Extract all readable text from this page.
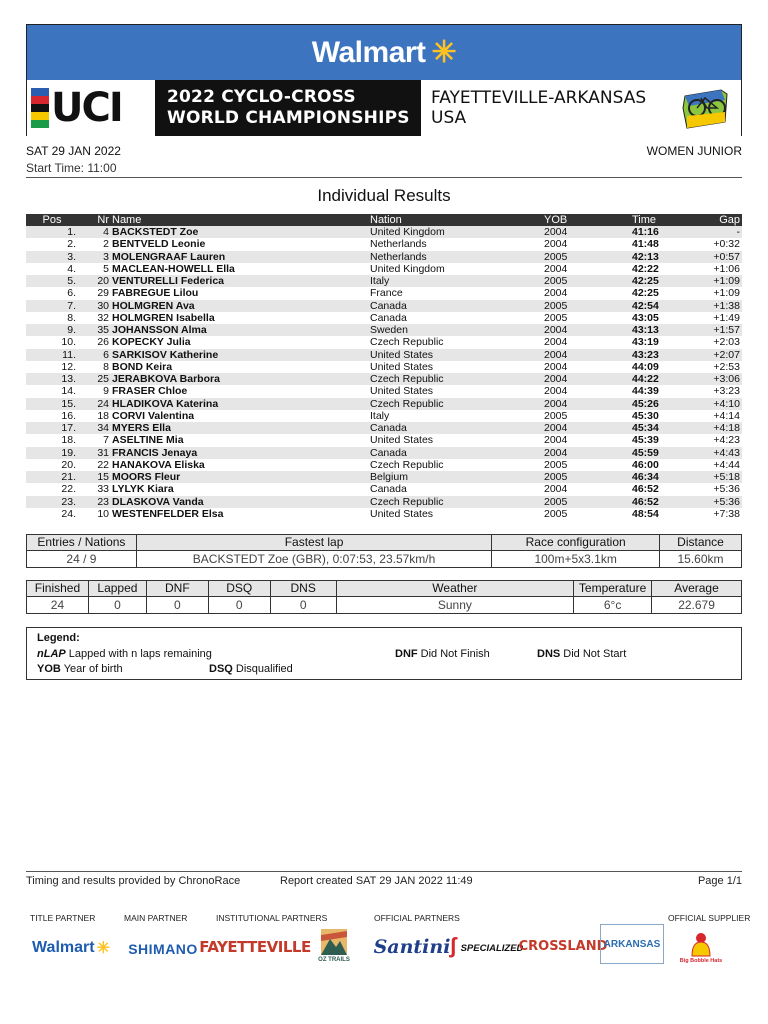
Walmart ✳
UCI	2022 CYCLO-CROSS
WORLD CHAMPIONSHIPS
FAYETTEVILLE-ARKANSAS
USA
SAT 29 JAN 2022
Start Time: 11:00
WOMEN JUNIOR
Individual Results
Pos	Nr	Name	Nation	YOB	Time	Gap
1.	4	BACKSTEDT Zoe	United Kingdom	2004	41:16	-
2.	2	BENTVELD Leonie	Netherlands	2004	41:48	+0:32
3.	3	MOLENGRAAF Lauren	Netherlands	2005	42:13	+0:57
4.	5	MACLEAN-HOWELL Ella	United Kingdom	2004	42:22	+1:06
5.	20	VENTURELLI Federica	Italy	2005	42:25	+1:09
6.	29	FABREGUE Lilou	France	2004	42:25	+1:09
7.	30	HOLMGREN Ava	Canada	2005	42:54	+1:38
8.	32	HOLMGREN Isabella	Canada	2005	43:05	+1:49
9.	35	JOHANSSON Alma	Sweden	2004	43:13	+1:57
10.	26	KOPECKY Julia	Czech Republic	2004	43:19	+2:03
11.	6	SARKISOV Katherine	United States	2004	43:23	+2:07
12.	8	BOND Keira	United States	2004	44:09	+2:53
13.	25	JERABKOVA Barbora	Czech Republic	2004	44:22	+3:06
14.	9	FRASER Chloe	United States	2004	44:39	+3:23
15.	24	HLADIKOVA Katerina	Czech Republic	2004	45:26	+4:10
16.	18	CORVI Valentina	Italy	2005	45:30	+4:14
17.	34	MYERS Ella	Canada	2004	45:34	+4:18
18.	7	ASELTINE Mia	United States	2004	45:39	+4:23
19.	31	FRANCIS Jenaya	Canada	2004	45:59	+4:43
20.	22	HANAKOVA Eliska	Czech Republic	2005	46:00	+4:44
21.	15	MOORS Fleur	Belgium	2005	46:34	+5:18
22.	33	LYLYK Kiara	Canada	2004	46:52	+5:36
23.	23	DLASKOVA Vanda	Czech Republic	2005	46:52	+5:36
24.	10	WESTENFELDER Elsa	United States	2005	48:54	+7:38
Entries / Nations	Fastest lap	Race configuration	Distance
24 / 9	BACKSTEDT Zoe (GBR), 0:07:53, 23.57km/h	100m+5x3.1km	15.60km
Finished	Lapped	DNF	DSQ	DNS	Weather	Temperature	Average
24	0	0	0	0	Sunny	6°c	22.679
Legend:
nLAP Lapped with n laps remaining	DNF Did Not Finish	DNS Did Not Start
YOB Year of birth	DSQ Disqualified
Timing and results provided by ChronoRace	Report created SAT 29 JAN 2022 11:49	Page 1/1
TITLE PARTNER	MAIN PARTNER	INSTITUTIONAL PARTNERS	OFFICIAL PARTNERS	OFFICIAL SUPPLIER
Walmart ✳	SHIMANO FAYETTEVILLE
OZ TRAILS
Santini
ʃ SPECIALIZED
CROSSLAND
ARKANSAS
Big Bobble Hats
